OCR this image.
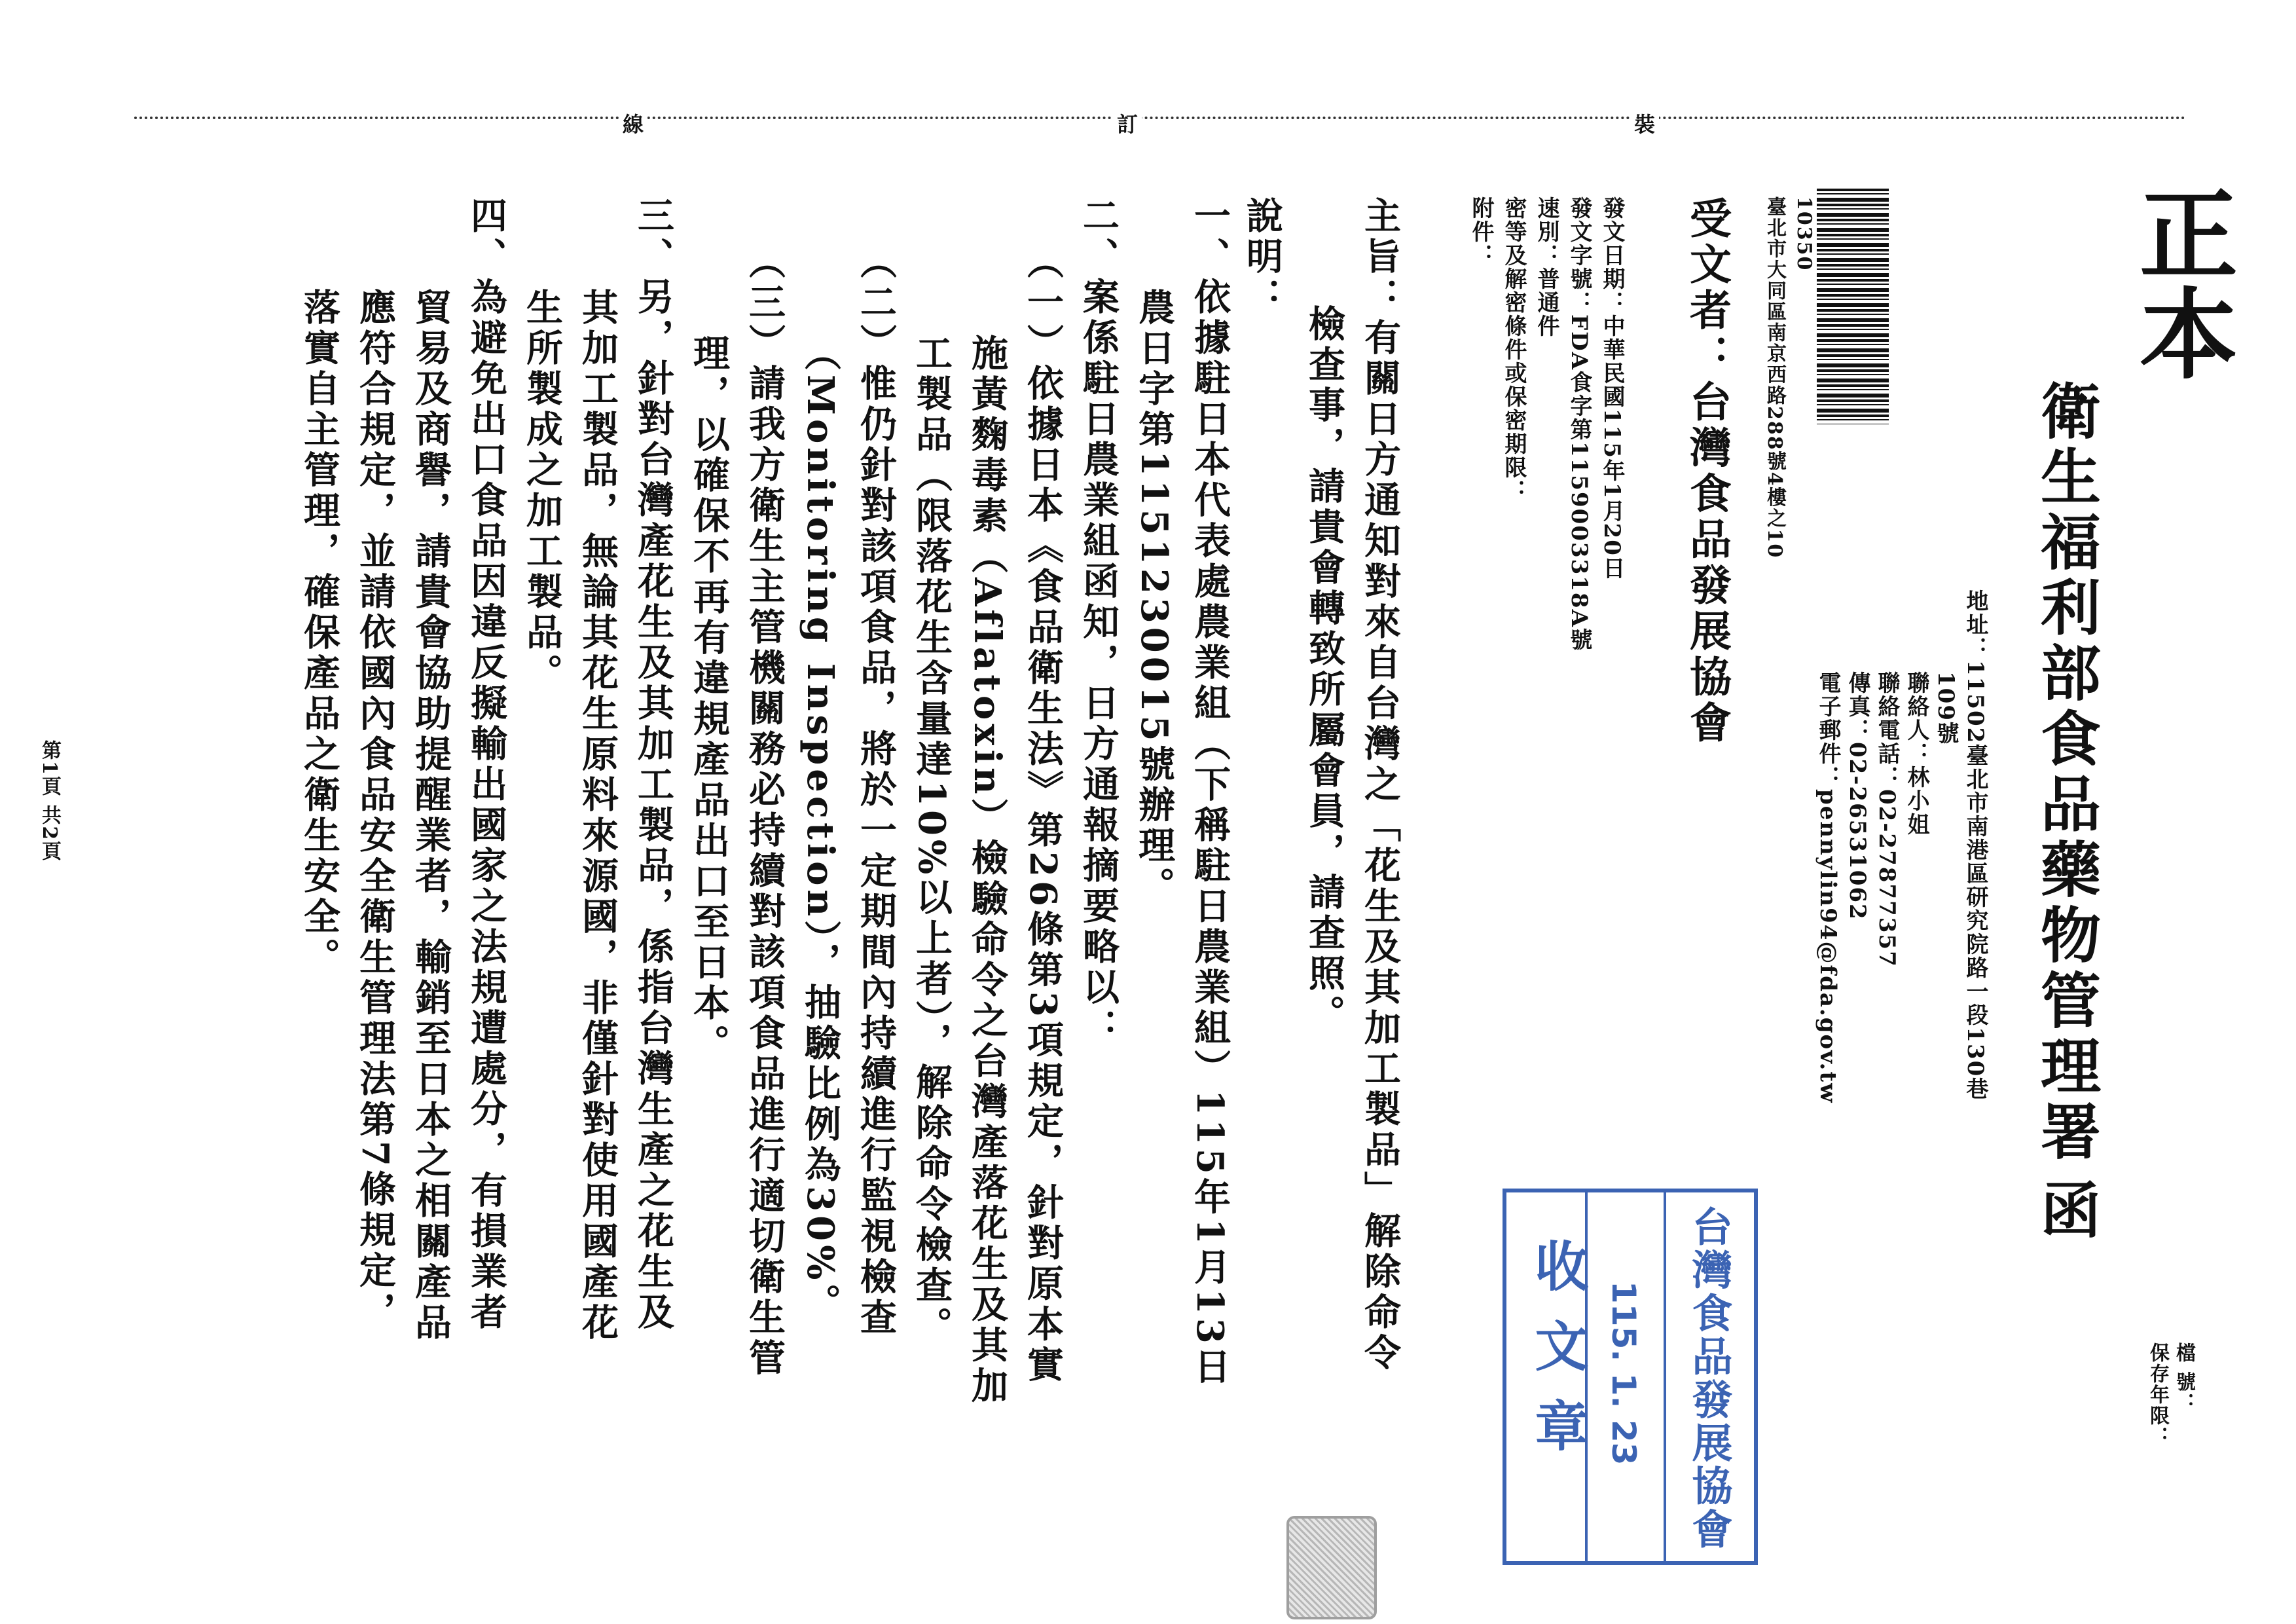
裝
訂
線
正本
衛生福利部食品藥物管理署
函
檔 號：
保存年限：
地址：11502臺北市南港區研究院路一段130巷
109號
聯絡人：林小姐
聯絡電話：02-27877357
傳真：02-26531062
電子郵件：pennylin94@fda.gov.tw
10350
臺北市大同區南京西路288號4樓之10
受文者：台灣食品發展協會
發文日期：中華民國115年1月20日
發文字號：FDA食字第1159003318A號
速別：普通件
密等及解密條件或保密期限：
附件：
主旨：有關日方通知對來自台灣之「花生及其加工製品」解除命令
檢查事，請貴會轉致所屬會員，請查照。
說明：
一、依據駐日本代表處農業組（下稱駐日農業組）115年1月13日
農日字第1151230015號辦理。
二、案係駐日農業組函知，日方通報摘要略以：
（一）依據日本《食品衛生法》第26條第3項規定，針對原本實
施黃麴毒素（Aflatoxin）檢驗命令之台灣產落花生及其加
工製品（限落花生含量達10%以上者），解除命令檢查。
（二）惟仍針對該項食品，將於一定期間內持續進行監視檢查
（Monitoring Inspection），抽驗比例為30%。
（三）請我方衛生主管機關務必持續對該項食品進行適切衛生管
理，以確保不再有違規產品出口至日本。
三、另，針對台灣產花生及其加工製品，係指台灣生產之花生及
其加工製品，無論其花生原料來源國，非僅針對使用國產花
生所製成之加工製品。
四、為避免出口食品因違反擬輸出國家之法規遭處分，有損業者
貿易及商譽，請貴會協助提醒業者，輸銷至日本之相關產品
應符合規定，並請依國內食品安全衛生管理法第7條規定，
落實自主管理，確保產品之衛生安全。
台灣食品發展協會
115. 1. 23
收文章
第1頁 共2頁
